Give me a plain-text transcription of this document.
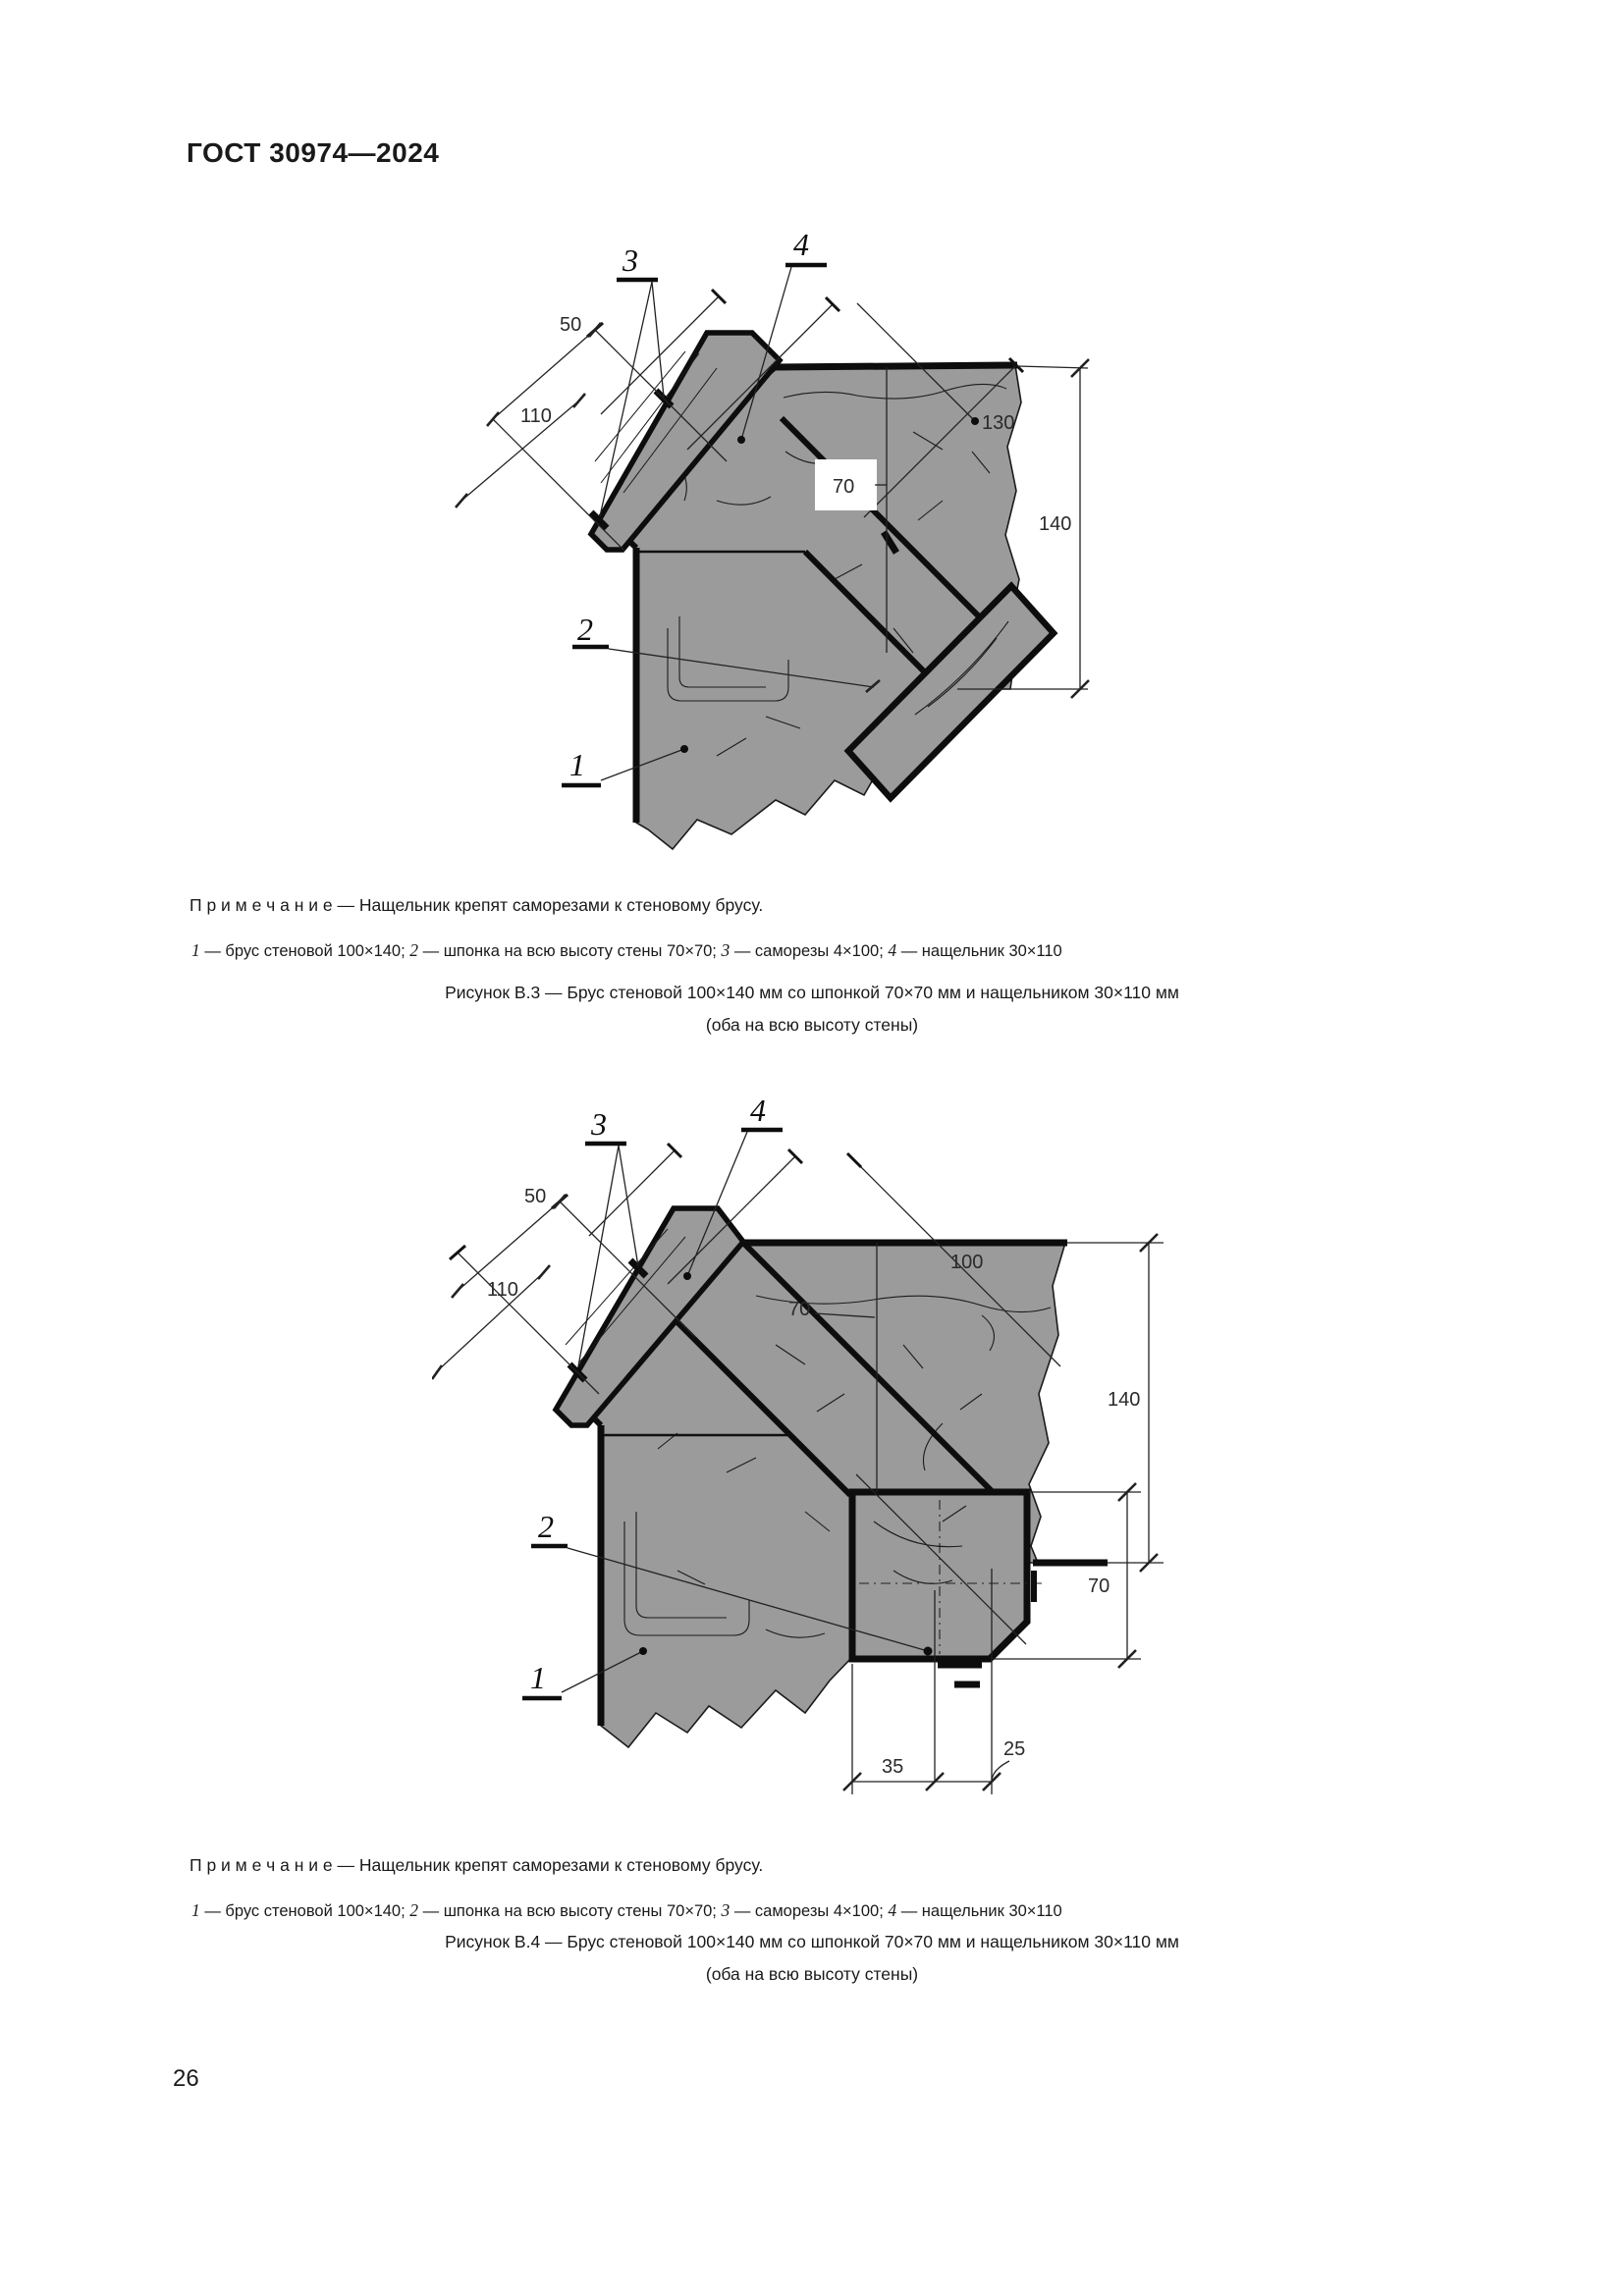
ГОСТ 30974—2024
50
110	130
70
140
3	4
2
1
П р и м е ч а н и е — Нащельник крепят саморезами к стеновому брусу.
1 — брус стеновой 100×140; 2 — шпонка на всю высоту стены 70×70; 3 — саморезы 4×100; 4 — нащельник 30×110
Рисунок В.3 — Брус стеновой 100×140 мм со шпонкой 70×70 мм и нащельником 30×110 мм
(оба на всю высоту стены)
100
50
110
70
140
70
35
25
3	4
2
1
П р и м е ч а н и е — Нащельник крепят саморезами к стеновому брусу.
1 — брус стеновой 100×140; 2 — шпонка на всю высоту стены 70×70; 3 — саморезы 4×100; 4 — нащельник 30×110
Рисунок В.4 — Брус стеновой 100×140 мм со шпонкой 70×70 мм и нащельником 30×110 мм
(оба на всю высоту стены)
26
